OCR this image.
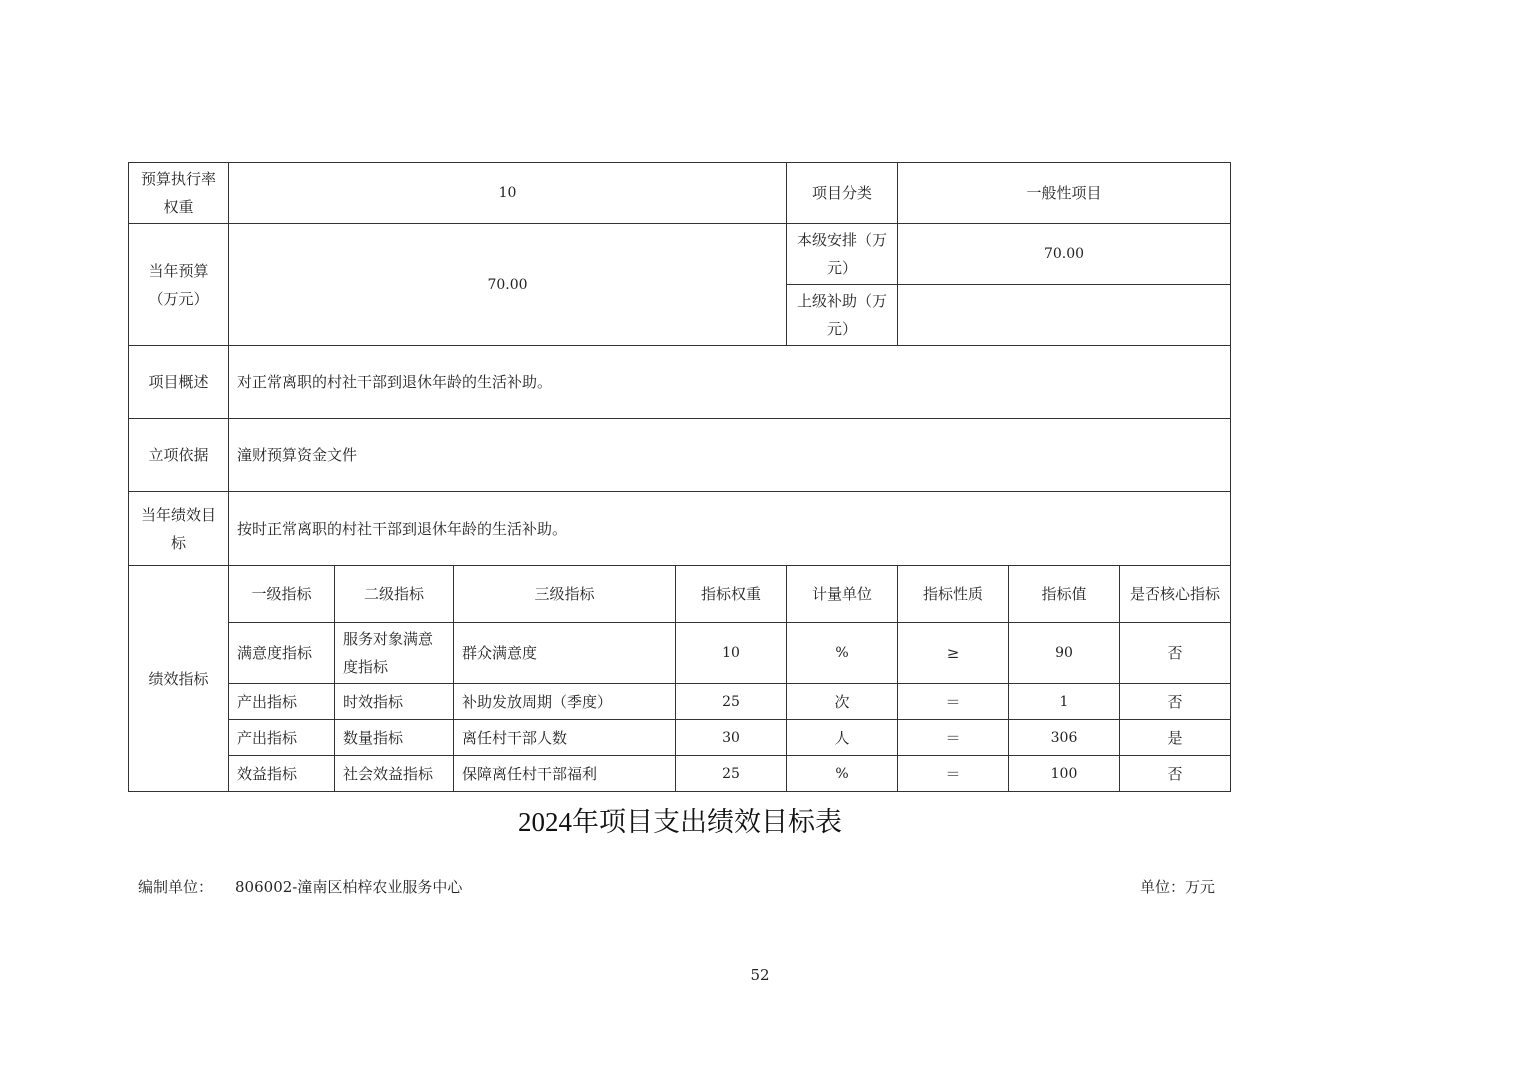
预算执行率权重	10				项目分类	一般性项目		
当年预算（万元）	70.00				本级安排（万元）	70.00		
					上级补助（万元）			
项目概述	对正常离职的村社干部到退休年龄的生活补助。							
立项依据	潼财预算资金文件							
当年绩效目标	按时正常离职的村社干部到退休年龄的生活补助。							
绩效指标	一级指标	二级指标	三级指标	指标权重	计量单位	指标性质	指标值	是否核心指标
	满意度指标	服务对象满意度指标	群众满意度	10	%	≥	90	否
	产出指标	时效指标	补助发放周期（季度）	25	次	＝	1	否
	产出指标	数量指标	离任村干部人数	30	人	＝	306	是
	效益指标	社会效益指标	保障离任村干部福利	25	%	＝	100	否
2024年项目支出绩效目标表
编制单位： 806002-潼南区柏梓农业服务中心	单位：万元
52
